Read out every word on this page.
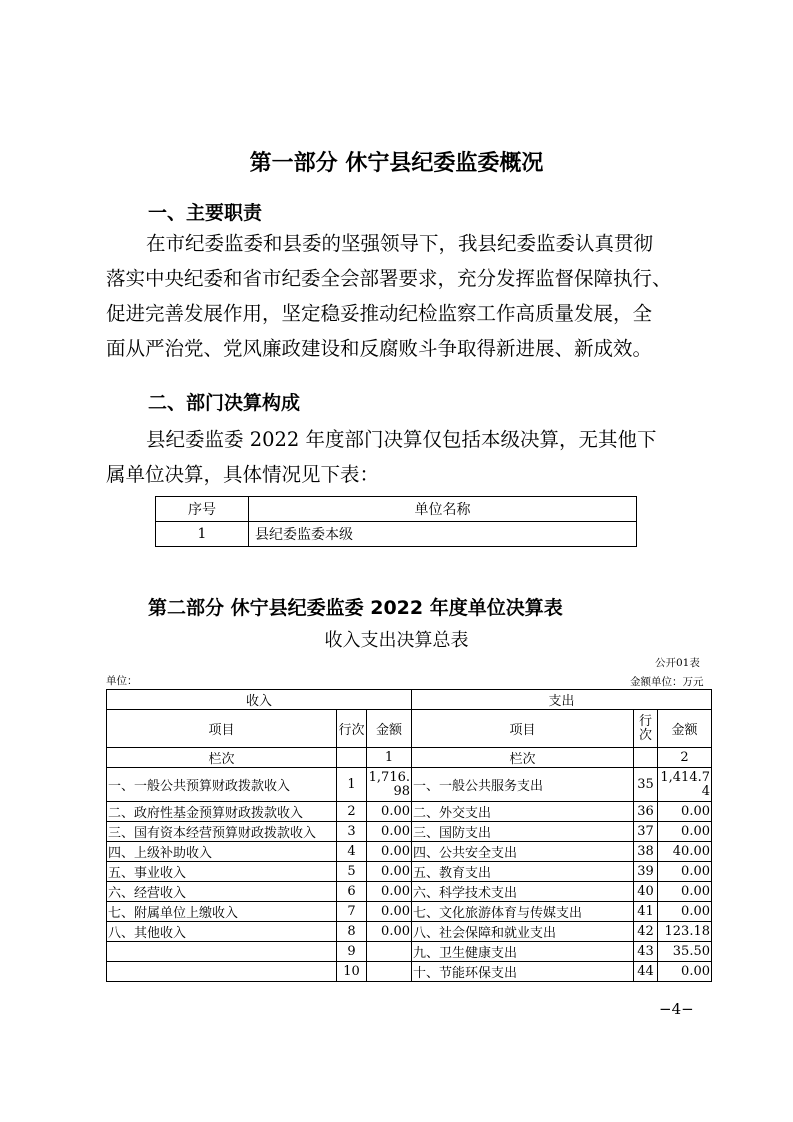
第一部分 休宁县纪委监委概况
一、主要职责
在市纪委监委和县委的坚强领导下，我县纪委监委认真贯彻
落实中央纪委和省市纪委全会部署要求，充分发挥监督保障执行、
促进完善发展作用，坚定稳妥推动纪检监察工作高质量发展，全
面从严治党、党风廉政建设和反腐败斗争取得新进展、新成效。
二、部门决算构成
县纪委监委 2022 年度部门决算仅包括本级决算，无其他下
属单位决算，具体情况见下表：
序号	单位名称
1	县纪委监委本级
第二部分 休宁县纪委监委 2022 年度单位决算表
收入支出决算总表
公开01表
单位：	金额单位：万元
收入			支出		
项目	行次	金额	项目	行次	金额
栏次		1	栏次		2
一、一般公共预算财政拨款收入	1	1,716.98	一、一般公共服务支出	35	1,414.74
二、政府性基金预算财政拨款收入	2	0.00	二、外交支出	36	0.00
三、国有资本经营预算财政拨款收入	3	0.00	三、国防支出	37	0.00
四、上级补助收入	4	0.00	四、公共安全支出	38	40.00
五、事业收入	5	0.00	五、教育支出	39	0.00
六、经营收入	6	0.00	六、科学技术支出	40	0.00
七、附属单位上缴收入	7	0.00	七、文化旅游体育与传媒支出	41	0.00
八、其他收入	8	0.00	八、社会保障和就业支出	42	123.18
	9		九、卫生健康支出	43	35.50
	10		十、节能环保支出	44	0.00
−4−
